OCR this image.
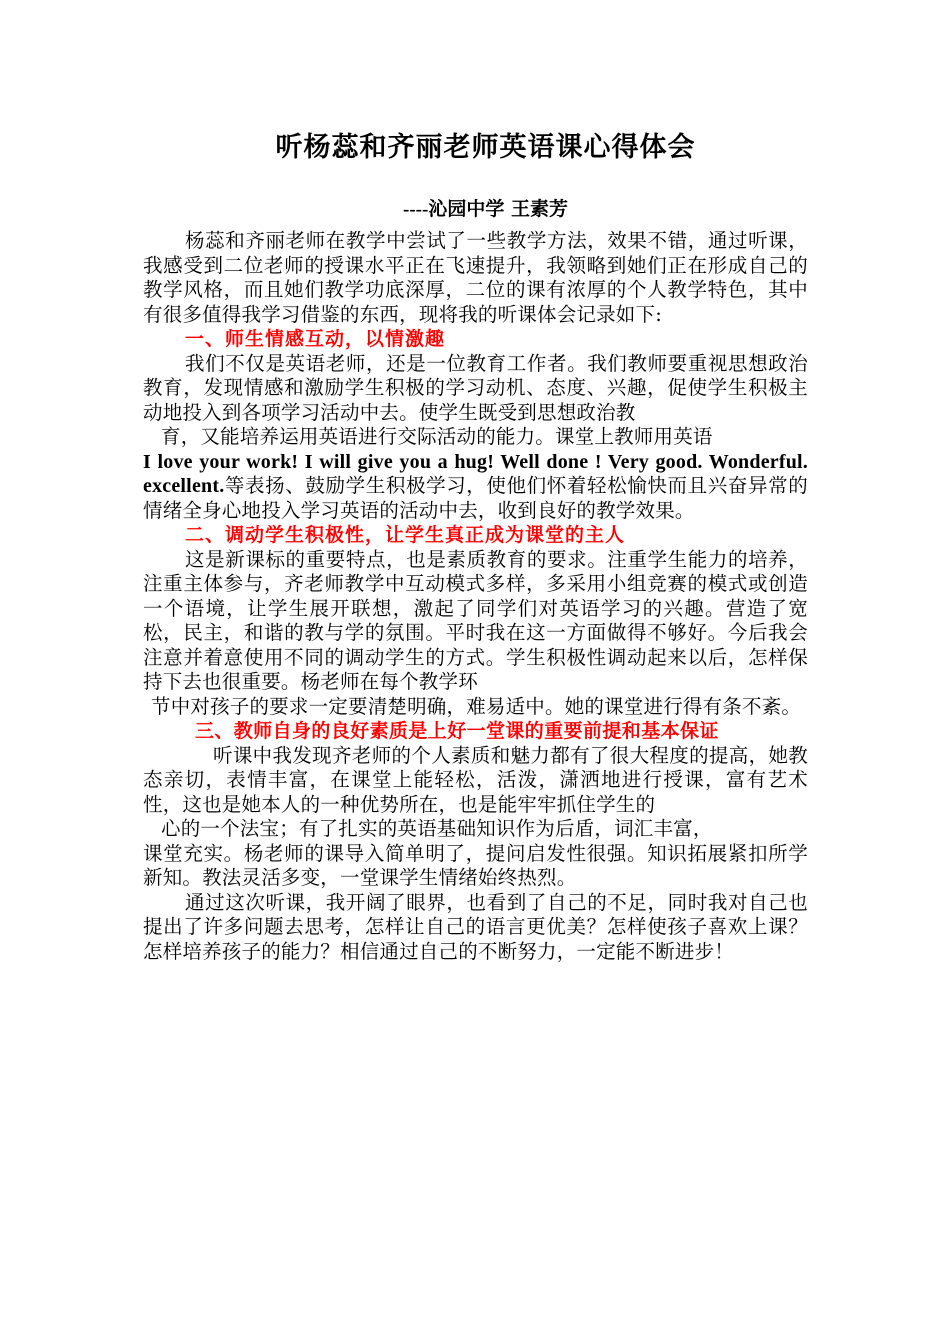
听杨蕊和齐丽老师英语课心得体会
----沁园中学 王素芳

杨蕊和齐丽老师在教学中尝试了一些教学方法，效果不错，通过听课，我感受到二位老师的授课水平正在飞速提升，我领略到她们正在形成自己的教学风格，而且她们教学功底深厚，二位的课有浓厚的个人教学特色，其中有很多值得我学习借鉴的东西，现将我的听课体会记录如下:

一、师生情感互动，以情激趣

我们不仅是英语老师，还是一位教育工作者。我们教师要重视思想政治教育，发现情感和激励学生积极的学习动机、态度、兴趣，促使学生积极主动地投入到各项学习活动中去。使学生既受到思想政治教

育，又能培养运用英语进行交际活动的能力。课堂上教师用英语

I love your work! I will give you a hug! Well done ! Very good. Wonderful. excellent.等表扬、鼓励学生积极学习，使他们怀着轻松愉快而且兴奋异常的情绪全身心地投入学习英语的活动中去，收到良好的教学效果。

二、调动学生积极性，让学生真正成为课堂的主人

这是新课标的重要特点，也是素质教育的要求。注重学生能力的培养，注重主体参与，齐老师教学中互动模式多样，多采用小组竞赛的模式或创造一个语境，让学生展开联想，激起了同学们对英语学习的兴趣。营造了宽松，民主，和谐的教与学的氛围。平时我在这一方面做得不够好。今后我会注意并着意使用不同的调动学生的方式。学生积极性调动起来以后，怎样保持下去也很重要。杨老师在每个教学环

节中对孩子的要求一定要清楚明确，难易适中。她的课堂进行得有条不紊。

三、教师自身的良好素质是上好一堂课的重要前提和基本保证

听课中我发现齐老师的个人素质和魅力都有了很大程度的提高，她教态亲切，表情丰富，在课堂上能轻松，活泼，潇洒地进行授课，富有艺术性，这也是她本人的一种优势所在，也是能牢牢抓住学生的

心的一个法宝；有了扎实的英语基础知识作为后盾，词汇丰富，

课堂充实。杨老师的课导入简单明了，提问启发性很强。知识拓展紧扣所学新知。教法灵活多变，一堂课学生情绪始终热烈。

通过这次听课，我开阔了眼界，也看到了自己的不足，同时我对自己也提出了许多问题去思考，怎样让自己的语言更优美？怎样使孩子喜欢上课？怎样培养孩子的能力？相信通过自己的不断努力，一定能不断进步！
